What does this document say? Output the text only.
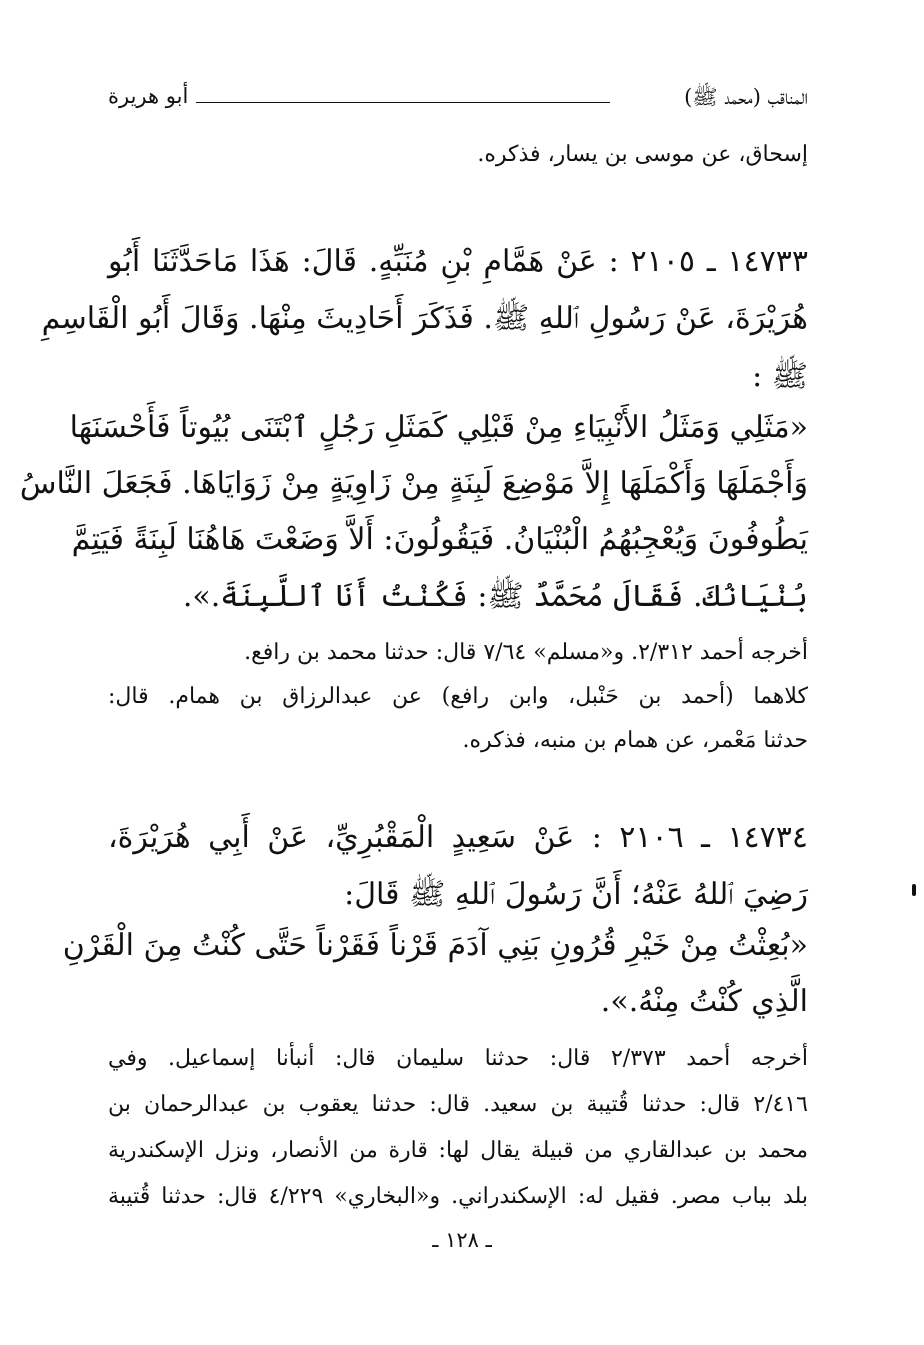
المناقب (محمد ﷺ)
أبو هريرة
إسحاق، عن موسى بن يسار، فذكره.
١٤٧٣٣ ـ ٢١٠٥ : عَنْ هَمَّامِ بْنِ مُنَبِّهٍ. قَالَ: هَذَا مَاحَدَّثَنَا أَبُو
هُرَيْرَةَ، عَنْ رَسُولِ ٱللهِ ﷺ. فَذَكَرَ أَحَادِيثَ مِنْهَا. وَقَالَ أَبُو الْقَاسِمِ
ﷺ :
«مَثَلِي وَمَثَلُ الأَنْبِيَاءِ مِنْ قَبْلِي كَمَثَلِ رَجُلٍ ٱبْتَنَى بُيُوتاً فَأَحْسَنَهَا
وَأَجْمَلَهَا وَأَكْمَلَهَا إِلاَّ مَوْضِعَ لَبِنَةٍ مِنْ زَاوِيَةٍ مِنْ زَوَايَاهَا. فَجَعَلَ النَّاسُ
يَطُوفُونَ وَيُعْجِبُهُمُ الْبُنْيَانُ. فَيَقُولُونَ: أَلاَّ وَضَعْتَ هَاهُنَا لَبِنَةً فَيَتِمَّ
بُنْيَانُكَ. فَقَالَ مُحَمَّدٌ ﷺ: فَكُنْتُ أَنَا ٱللَّبِنَةَ.».
أخرجه أحمد ٢/٣١٢. و«مسلم» ٧/٦٤ قال: حدثنا محمد بن رافع.
كلاهما (أحمد بن حَنْبل، وابن رافع) عن عبدالرزاق بن همام. قال:
حدثنا مَعْمر، عن همام بن منبه، فذكره.
١٤٧٣٤ ـ ٢١٠٦ : عَنْ سَعِيدٍ الْمَقْبُرِيِّ، عَنْ أَبِي هُرَيْرَةَ،
رَضِيَ ٱللهُ عَنْهُ؛ أَنَّ رَسُولَ ٱللهِ ﷺ قَالَ:
«بُعِثْتُ مِنْ خَيْرِ قُرُونِ بَنِي آدَمَ قَرْناً فَقَرْناً حَتَّى كُنْتُ مِنَ الْقَرْنِ
الَّذِي كُنْتُ مِنْهُ.».
أخرجه أحمد ٢/٣٧٣ قال: حدثنا سليمان قال: أنبأنا إسماعيل. وفي
٢/٤١٦ قال: حدثنا قُتيبة بن سعيد. قال: حدثنا يعقوب بن عبدالرحمان بن
محمد بن عبدالقاري من قبيلة يقال لها: قارة من الأنصار، ونزل الإسكندرية
بلد بباب مصر. فقيل له: الإسكندراني. و«البخاري» ٤/٢٢٩ قال: حدثنا قُتيبة
ـ ١٢٨ ـ
